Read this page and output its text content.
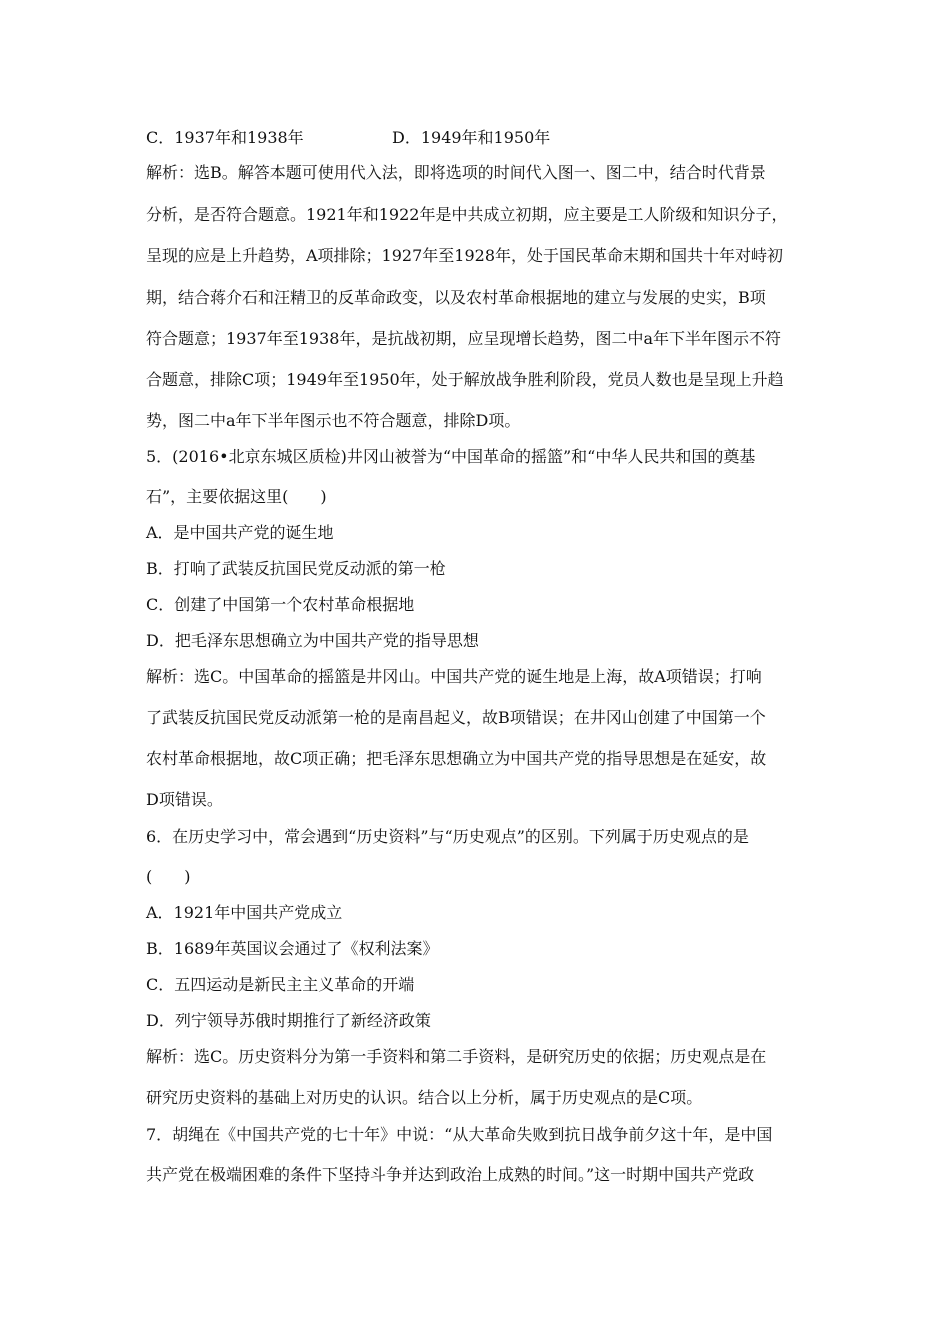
C．1937年和1938年	D．1949年和1950年
解析：选B。解答本题可使用代入法，即将选项的时间代入图一、图二中，结合时代背景
分析，是否符合题意。1921年和1922年是中共成立初期，应主要是工人阶级和知识分子，
呈现的应是上升趋势，A项排除；1927年至1928年，处于国民革命末期和国共十年对峙初
期，结合蒋介石和汪精卫的反革命政变，以及农村革命根据地的建立与发展的史实，B项
符合题意；1937年至1938年，是抗战初期，应呈现增长趋势，图二中a年下半年图示不符
合题意，排除C项；1949年至1950年，处于解放战争胜利阶段，党员人数也是呈现上升趋
势，图二中a年下半年图示也不符合题意，排除D项。
5．(2016•北京东城区质检)井冈山被誉为“中国革命的摇篮”和“中华人民共和国的奠基
石”，主要依据这里(　　)
A．是中国共产党的诞生地
B．打响了武装反抗国民党反动派的第一枪
C．创建了中国第一个农村革命根据地
D．把毛泽东思想确立为中国共产党的指导思想
解析：选C。中国革命的摇篮是井冈山。中国共产党的诞生地是上海，故A项错误；打响
了武装反抗国民党反动派第一枪的是南昌起义，故B项错误；在井冈山创建了中国第一个
农村革命根据地，故C项正确；把毛泽东思想确立为中国共产党的指导思想是在延安，故
D项错误。
6．在历史学习中，常会遇到“历史资料”与“历史观点”的区别。下列属于历史观点的是
(　　)
A．1921年中国共产党成立
B．1689年英国议会通过了《权利法案》
C．五四运动是新民主主义革命的开端
D．列宁领导苏俄时期推行了新经济政策
解析：选C。历史资料分为第一手资料和第二手资料，是研究历史的依据；历史观点是在
研究历史资料的基础上对历史的认识。结合以上分析，属于历史观点的是C项。
7．胡绳在《中国共产党的七十年》中说：“从大革命失败到抗日战争前夕这十年，是中国
共产党在极端困难的条件下坚持斗争并达到政治上成熟的时间。”这一时期中国共产党政
